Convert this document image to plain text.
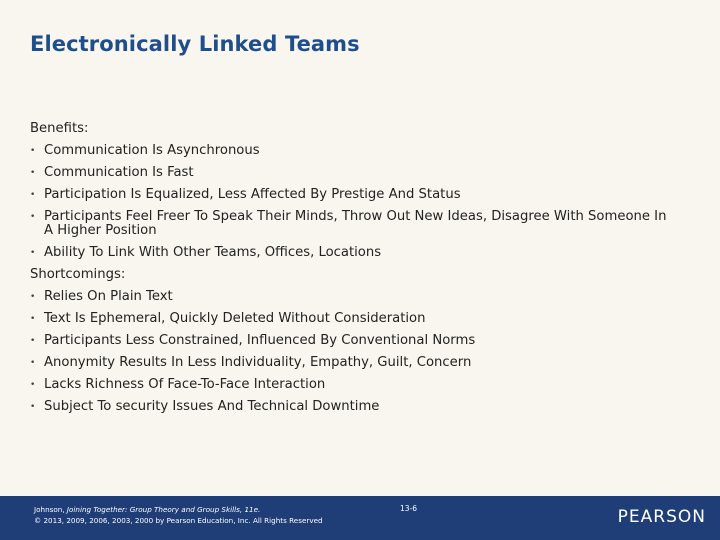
Electronically Linked Teams
Benefits:
• Communication Is Asynchronous
• Communication Is Fast
• Participation Is Equalized, Less Affected By Prestige And Status
• Participants Feel Freer To Speak Their Minds, Throw Out New Ideas, Disagree With Someone In A Higher Position
• Ability To Link With Other Teams, Offices, Locations
Shortcomings:
• Relies On Plain Text
• Text Is Ephemeral, Quickly Deleted Without Consideration
• Participants Less Constrained, Influenced By Conventional Norms
• Anonymity Results In Less Individuality, Empathy, Guilt, Concern
• Lacks Richness Of Face-To-Face Interaction
• Subject To security Issues And Technical Downtime
Johnson, Joining Together: Group Theory and Group Skills, 11e.
© 2013, 2009, 2006, 2003, 2000 by Pearson Education, Inc. All Rights Reserved
13-6	PEARSON
